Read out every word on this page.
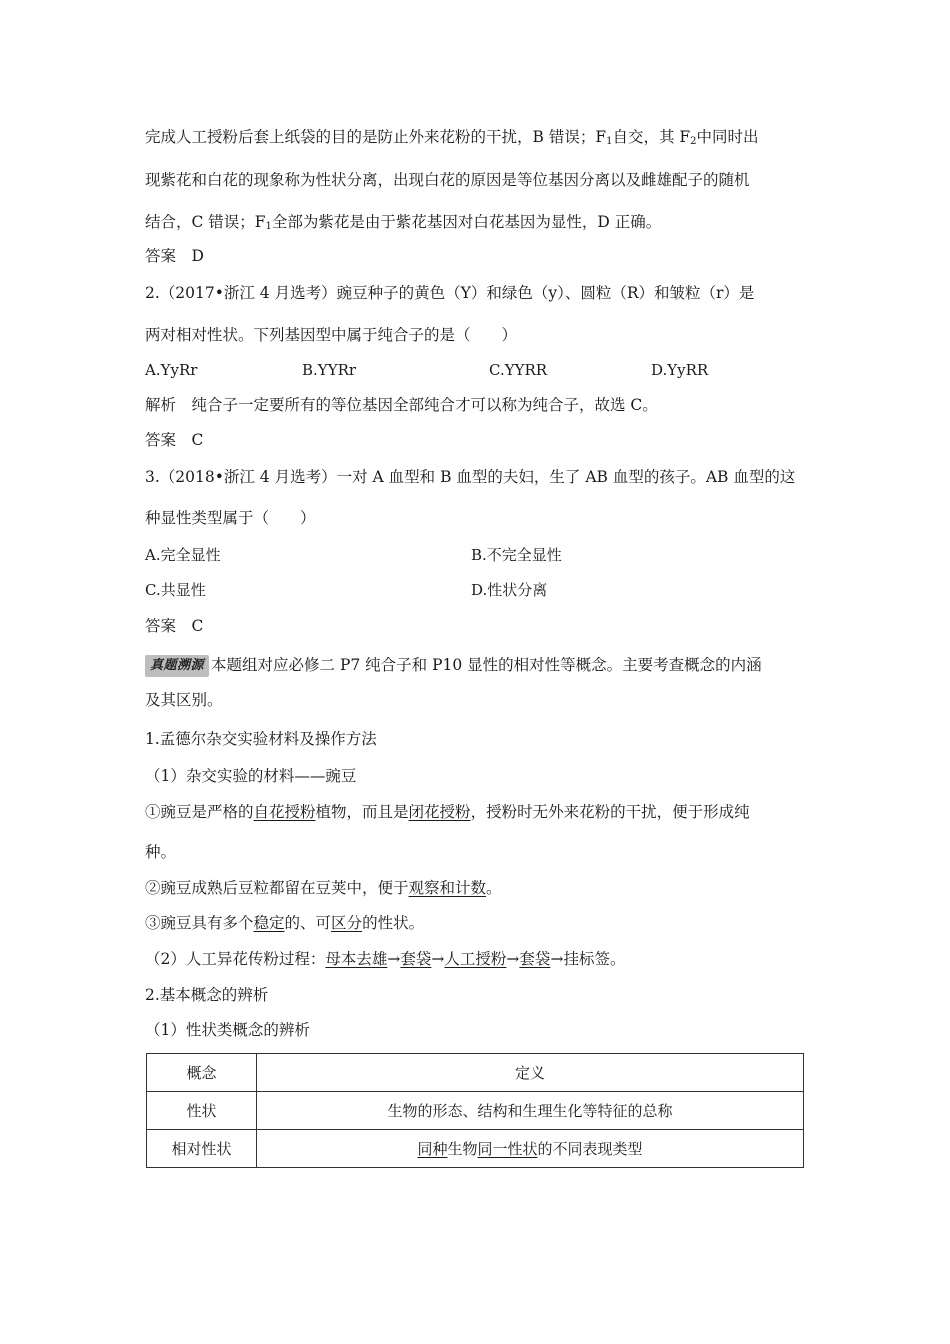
完成人工授粉后套上纸袋的目的是防止外来花粉的干扰，B 错误；$F_1$自交，其 $F_2$中同时出
现紫花和白花的现象称为性状分离，出现白花的原因是等位基因分离以及雌雄配子的随机
结合，C 错误；$F_1$全部为紫花是由于紫花基因对白花基因为显性，D 正确。
答案　D
2.（2017•浙江 4 月选考）豌豆种子的黄色（Y）和绿色（y）、圆粒（R）和皱粒（r）是
两对相对性状。下列基因型中属于纯合子的是（　　）
A.YyRr	B.YYRr	C.YYRR	D.YyRR
解析　纯合子一定要所有的等位基因全部纯合才可以称为纯合子，故选 C。
答案　C
3.（2018•浙江 4 月选考）一对 A 血型和 B 血型的夫妇，生了 AB 血型的孩子。AB 血型的这
种显性类型属于（　　）
A.完全显性	B.不完全显性
C.共显性	D.性状分离
答案　C
真题溯源 本题组对应必修二 P7 纯合子和 P10 显性的相对性等概念。主要考查概念的内涵
及其区别。
1.孟德尔杂交实验材料及操作方法
（1）杂交实验的材料——豌豆
①豌豆是严格的自花授粉植物，而且是闭花授粉，授粉时无外来花粉的干扰，便于形成纯
种。
②豌豆成熟后豆粒都留在豆荚中，便于观察和计数。
③豌豆具有多个稳定的、可区分的性状。
（2）人工异花传粉过程：母本去雄→套袋→人工授粉→套袋→挂标签。
2.基本概念的辨析
（1）性状类概念的辨析
概念	定义
性状	生物的形态、结构和生理生化等特征的总称
相对性状	同种生物同一性状的不同表现类型
